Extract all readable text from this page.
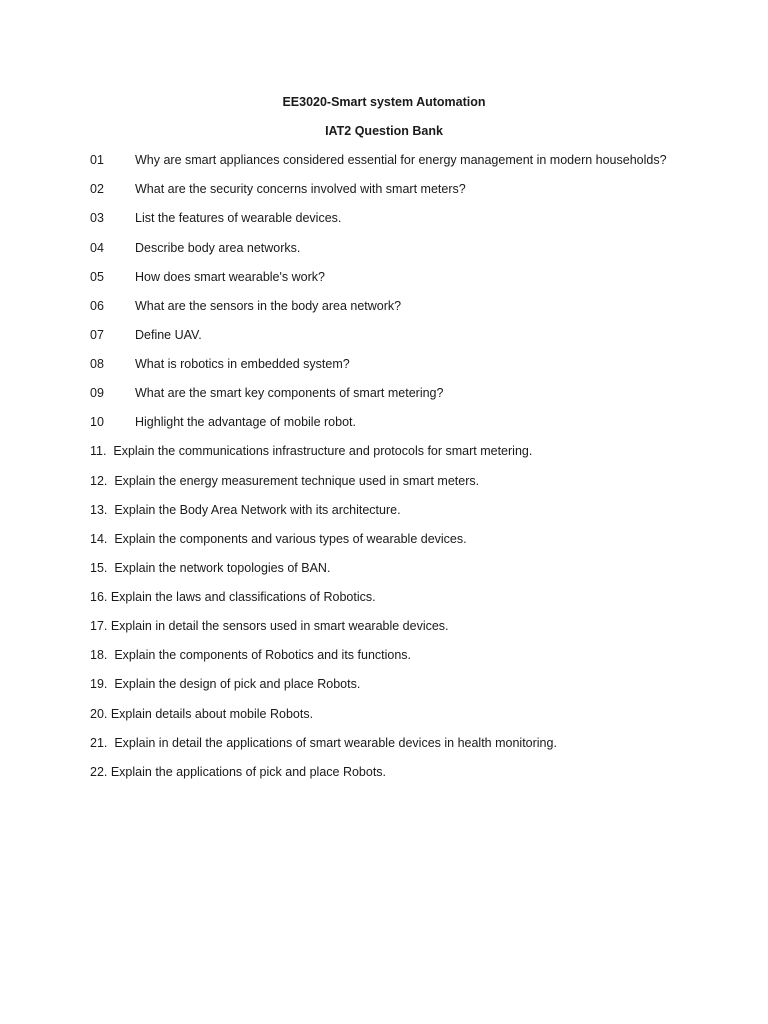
EE3020-Smart system Automation
IAT2 Question Bank
01 Why are smart appliances considered essential for energy management in modern households?
02 What are the security concerns involved with smart meters?
03 List the features of wearable devices.
04 Describe body area networks.
05 How does smart wearable's work?
06 What are the sensors in the body area network?
07 Define UAV.
08 What is robotics in embedded system?
09 What are the smart key components of smart metering?
10 Highlight the advantage of mobile robot.
11.  Explain the communications infrastructure and protocols for smart metering.
12.  Explain the energy measurement technique used in smart meters.
13.  Explain the Body Area Network with its architecture.
14.  Explain the components and various types of wearable devices.
15.  Explain the network topologies of BAN.
16. Explain the laws and classifications of Robotics.
17. Explain in detail the sensors used in smart wearable devices.
18.  Explain the components of Robotics and its functions.
19.  Explain the design of pick and place Robots.
20. Explain details about mobile Robots.
21.  Explain in detail the applications of smart wearable devices in health monitoring.
22. Explain the applications of pick and place Robots.
